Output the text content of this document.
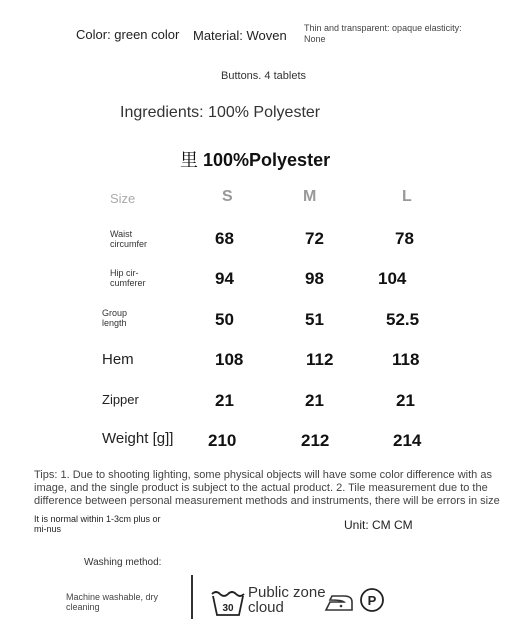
Color: green color Material: Woven Thin and transparent: opaque elasticity: None
Buttons. 4 tablets
Ingredients: 100% Polyester
里 100%Polyester
Size	S	M	L
Waist circumfer	68	72	78
Hip cir-cumferer	94	98	104
Group length	50	51	52.5
Hem	108	112	118
Zipper	21	21	21
Weight [g]] 210	212	214
Tips: 1. Due to shooting lighting, some physical objects will have some color difference with as image, and the single product is subject to the actual product. 2. Tile measurement due to the difference between personal measurement methods and instruments, there will be errors in size
It is normal within 1-3cm plus or mi-nus	Unit: CM CM
Washing method:
Machine washable, dry cleaning	30
Public zone cloud	P
